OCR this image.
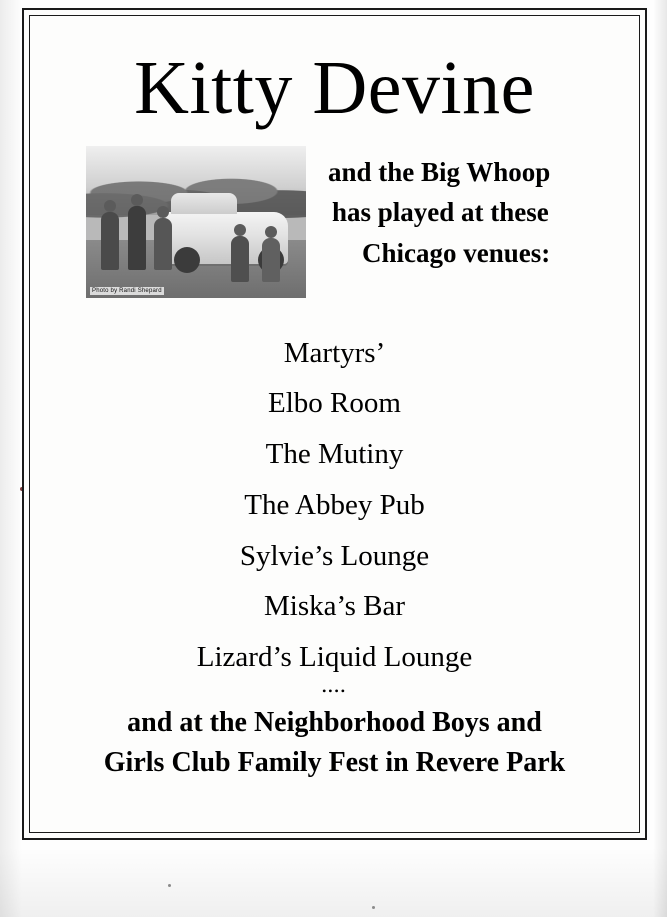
Kitty Devine
Photo by Randi Shepard
and the Big Whoop
has played at these
Chicago venues:
Martyrs’
Elbo Room
The Mutiny
The Abbey Pub
Sylvie’s Lounge
Miska’s Bar
Lizard’s Liquid Lounge
••••
and at the Neighborhood Boys and
Girls Club Family Fest in Revere Park
